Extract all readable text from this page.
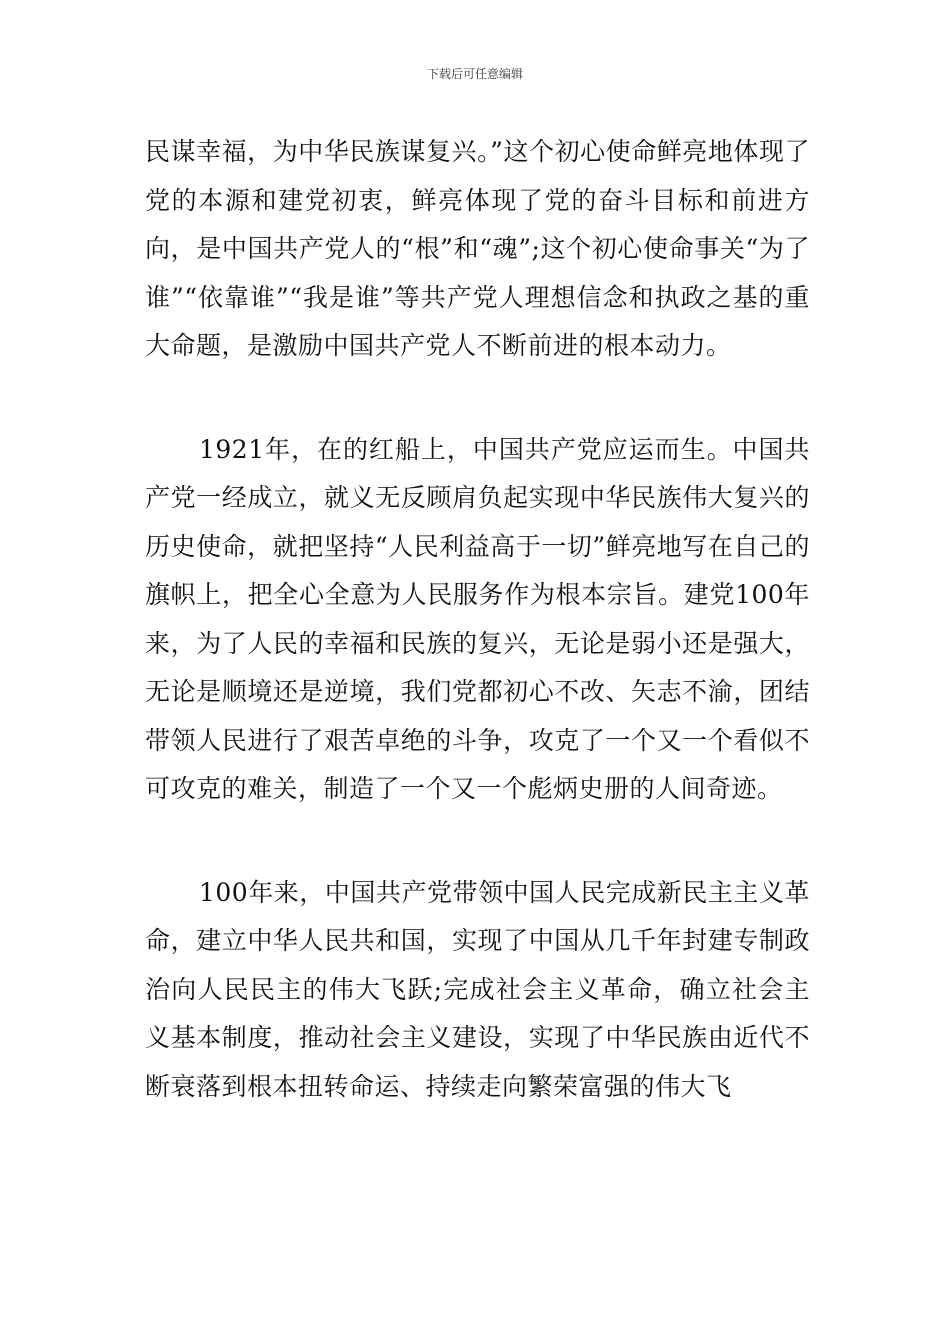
下载后可任意编辑

民谋幸福，为中华民族谋复兴。”这个初心使命鲜亮地体现了党的本源和建党初衷，鲜亮体现了党的奋斗目标和前进方向，是中国共产党人的“根”和“魂”;这个初心使命事关“为了谁”“依靠谁”“我是谁”等共产党人理想信念和执政之基的重大命题，是激励中国共产党人不断前进的根本动力。

1921年，在的红船上，中国共产党应运而生。中国共产党一经成立，就义无反顾肩负起实现中华民族伟大复兴的历史使命，就把坚持“人民利益高于一切”鲜亮地写在自己的旗帜上，把全心全意为人民服务作为根本宗旨。建党100年来，为了人民的幸福和民族的复兴，无论是弱小还是强大，无论是顺境还是逆境，我们党都初心不改、矢志不渝，团结带领人民进行了艰苦卓绝的斗争，攻克了一个又一个看似不可攻克的难关，制造了一个又一个彪炳史册的人间奇迹。

100年来，中国共产党带领中国人民完成新民主主义革命，建立中华人民共和国，实现了中国从几千年封建专制政治向人民民主的伟大飞跃;完成社会主义革命，确立社会主义基本制度，推动社会主义建设，实现了中华民族由近代不断衰落到根本扭转命运、持续走向繁荣富强的伟大飞
